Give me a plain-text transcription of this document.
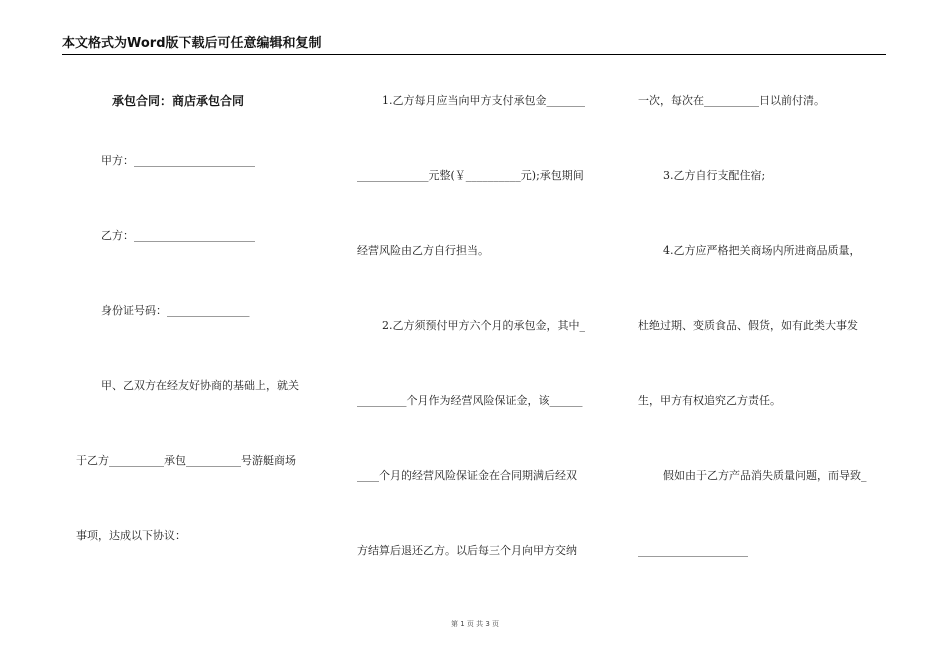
本文格式为Word版下载后可任意编辑和复制
承包合同：商店承包合同
甲方：______________________
乙方：______________________
身份证号码：_______________
甲、乙双方在经友好协商的基础上，就关
于乙方__________承包__________号游艇商场
事项，达成以下协议：
1.乙方每月应当向甲方支付承包金_______
_____________元整(￥__________元);承包期间
经营风险由乙方自行担当。
2.乙方须预付甲方六个月的承包金，其中_
_________个月作为经营风险保证金，该______
____个月的经营风险保证金在合同期满后经双
方结算后退还乙方。以后每三个月向甲方交纳
一次，每次在__________日以前付清。
3.乙方自行支配住宿;
4.乙方应严格把关商场内所进商品质量，
杜绝过期、变质食品、假货，如有此类大事发
生，甲方有权追究乙方责任。
假如由于乙方产品消失质量问题，而导致_
____________________
第 1 页 共 3 页
